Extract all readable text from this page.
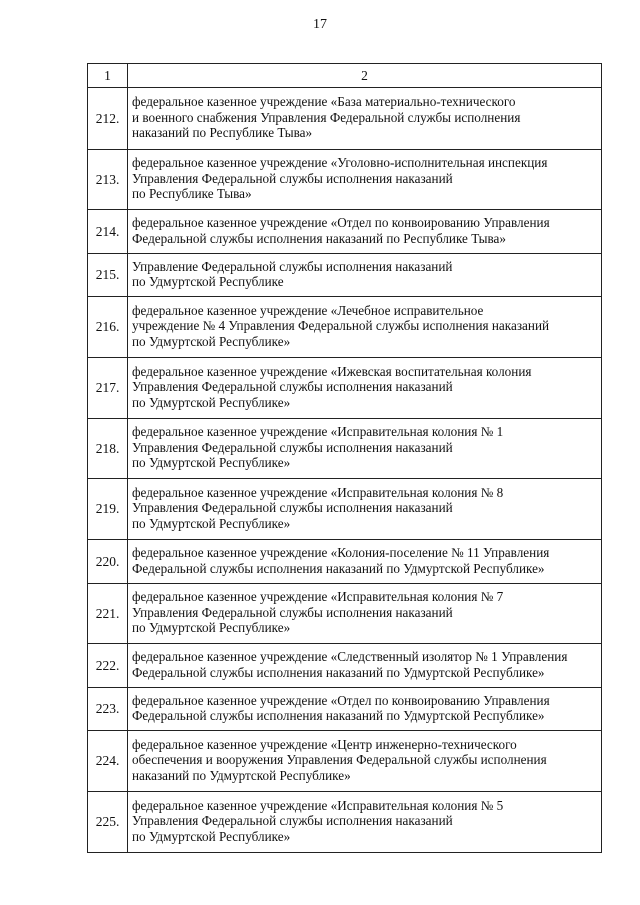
17
1	2
212.	федеральное казенное учреждение «База материально-технического
и военного снабжения Управления Федеральной службы исполнения
наказаний по Республике Тыва»
213.	федеральное казенное учреждение «Уголовно-исполнительная инспекция
Управления Федеральной службы исполнения наказаний
по Республике Тыва»
214.	федеральное казенное учреждение «Отдел по конвоированию Управления
Федеральной службы исполнения наказаний по Республике Тыва»
215.	Управление Федеральной службы исполнения наказаний
по Удмуртской Республике
216.	федеральное казенное учреждение «Лечебное исправительное
учреждение № 4 Управления Федеральной службы исполнения наказаний
по Удмуртской Республике»
217.	федеральное казенное учреждение «Ижевская воспитательная колония
Управления Федеральной службы исполнения наказаний
по Удмуртской Республике»
218.	федеральное казенное учреждение «Исправительная колония № 1
Управления Федеральной службы исполнения наказаний
по Удмуртской Республике»
219.	федеральное казенное учреждение «Исправительная колония № 8
Управления Федеральной службы исполнения наказаний
по Удмуртской Республике»
220.	федеральное казенное учреждение «Колония-поселение № 11 Управления
Федеральной службы исполнения наказаний по Удмуртской Республике»
221.	федеральное казенное учреждение «Исправительная колония № 7
Управления Федеральной службы исполнения наказаний
по Удмуртской Республике»
222.	федеральное казенное учреждение «Следственный изолятор № 1 Управления
Федеральной службы исполнения наказаний по Удмуртской Республике»
223.	федеральное казенное учреждение «Отдел по конвоированию Управления
Федеральной службы исполнения наказаний по Удмуртской Республике»
224.	федеральное казенное учреждение «Центр инженерно-технического
обеспечения и вооружения Управления Федеральной службы исполнения
наказаний по Удмуртской Республике»
225.	федеральное казенное учреждение «Исправительная колония № 5
Управления Федеральной службы исполнения наказаний
по Удмуртской Республике»
